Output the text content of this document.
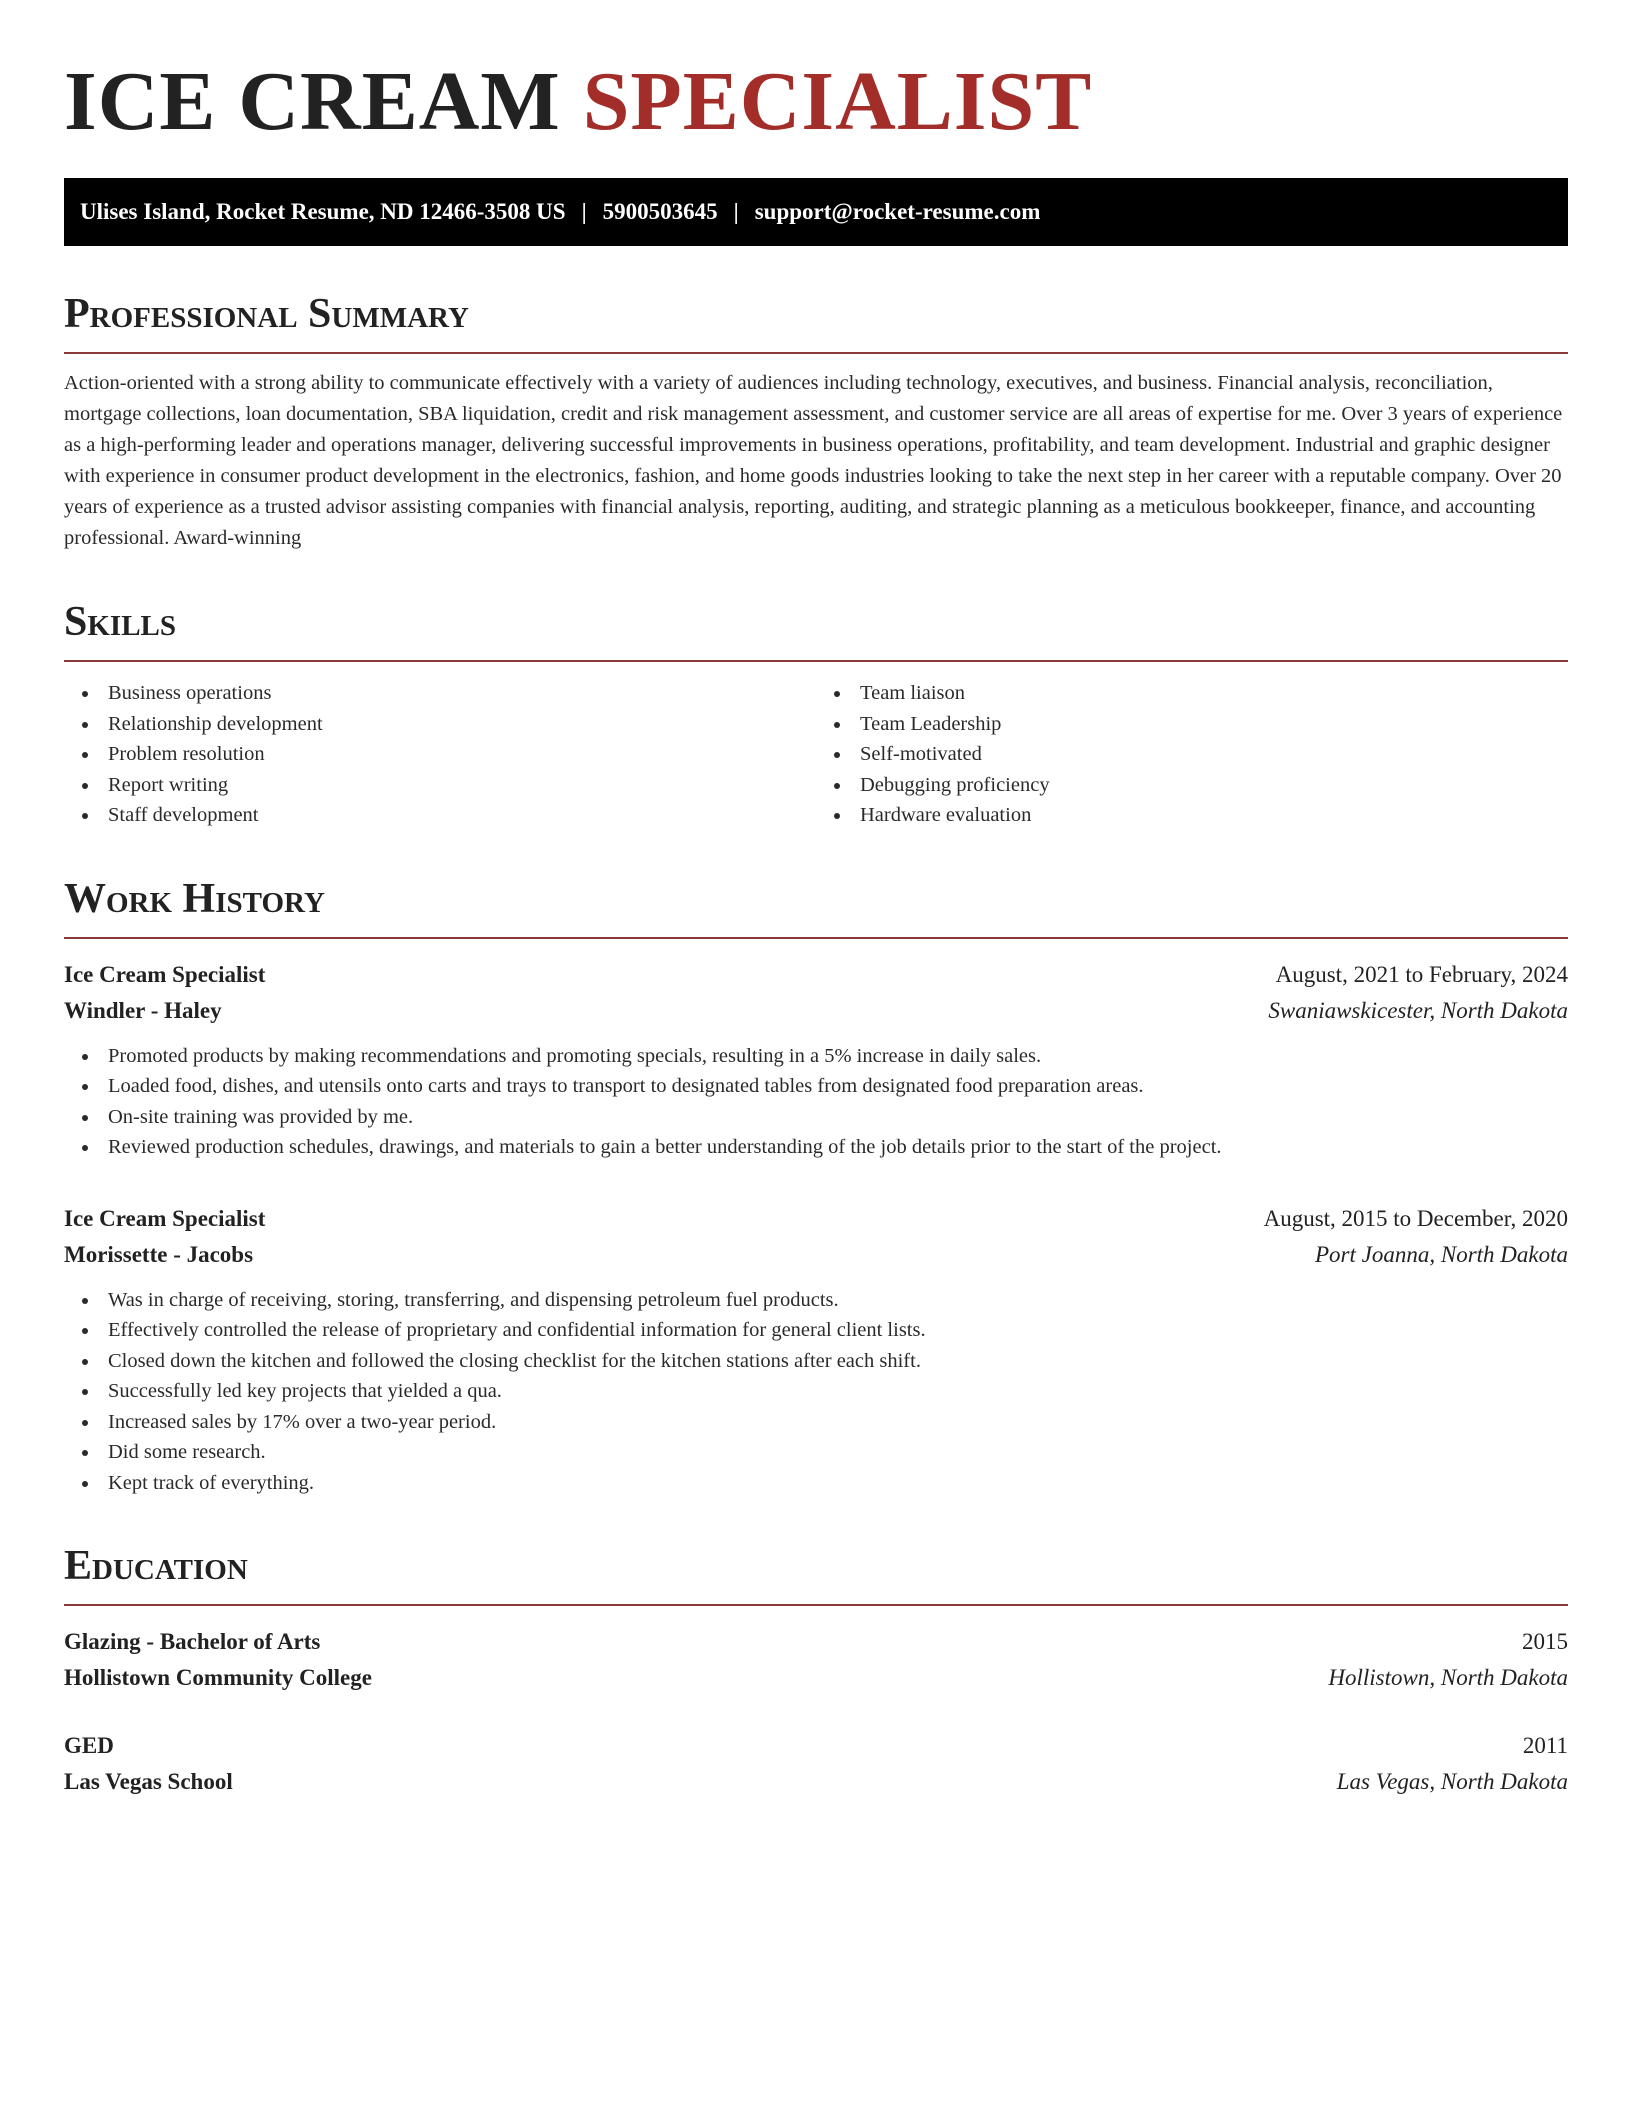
ICE CREAM SPECIALIST
Ulises Island, Rocket Resume, ND 12466-3508 US | 5900503645 | support@rocket-resume.com
Professional Summary

Action-oriented with a strong ability to communicate effectively with a variety of audiences including technology, executives, and business. Financial analysis, reconciliation, mortgage collections, loan documentation, SBA liquidation, credit and risk management assessment, and customer service are all areas of expertise for me. Over 3 years of experience as a high-performing leader and operations manager, delivering successful improvements in business operations, profitability, and team development. Industrial and graphic designer with experience in consumer product development in the electronics, fashion, and home goods industries looking to take the next step in her career with a reputable company. Over 20 years of experience as a trusted advisor assisting companies with financial analysis, reporting, auditing, and strategic planning as a meticulous bookkeeper, finance, and accounting professional. Award-winning

Skills
Business operations
Relationship development
Problem resolution
Report writing
Staff development
Team liaison
Team Leadership
Self-motivated
Debugging proficiency
Hardware evaluation
Work History
Ice Cream Specialist	August, 2021 to February, 2024
Windler - Haley	Swaniawskicester, North Dakota
Promoted products by making recommendations and promoting specials, resulting in a 5% increase in daily sales.
Loaded food, dishes, and utensils onto carts and trays to transport to designated tables from designated food preparation areas.
On-site training was provided by me.
Reviewed production schedules, drawings, and materials to gain a better understanding of the job details prior to the start of the project.
Ice Cream Specialist	August, 2015 to December, 2020
Morissette - Jacobs	Port Joanna, North Dakota
Was in charge of receiving, storing, transferring, and dispensing petroleum fuel products.
Effectively controlled the release of proprietary and confidential information for general client lists.
Closed down the kitchen and followed the closing checklist for the kitchen stations after each shift.
Successfully led key projects that yielded a qua.
Increased sales by 17% over a two-year period.
Did some research.
Kept track of everything.
Education
Glazing - Bachelor of Arts	2015
Hollistown Community College	Hollistown, North Dakota
GED	2011
Las Vegas School	Las Vegas, North Dakota
